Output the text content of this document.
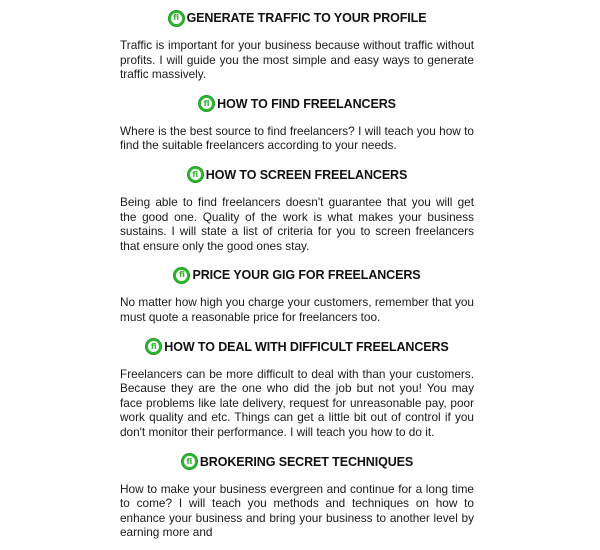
fi GENERATE TRAFFIC TO YOUR PROFILE

Traffic is important for your business because without traffic without profits. I will guide you the most simple and easy ways to generate traffic massively.

fi HOW TO FIND FREELANCERS

Where is the best source to find freelancers? I will teach you how to find the suitable freelancers according to your needs.

fi HOW TO SCREEN FREELANCERS

Being able to find freelancers doesn't guarantee that you will get the good one. Quality of the work is what makes your business sustains. I will state a list of criteria for you to screen freelancers that ensure only the good ones stay.

fi PRICE YOUR GIG FOR FREELANCERS

No matter how high you charge your customers, remember that you must quote a reasonable price for freelancers too.

fi HOW TO DEAL WITH DIFFICULT FREELANCERS

Freelancers can be more difficult to deal with than your customers. Because they are the one who did the job but not you! You may face problems like late delivery, request for unreasonable pay, poor work quality and etc. Things can get a little bit out of control if you don't monitor their performance. I will teach you how to do it.

fi BROKERING SECRET TECHNIQUES

How to make your business evergreen and continue for a long time to come? I will teach you methods and techniques on how to enhance your business and bring your business to another level by earning more and
